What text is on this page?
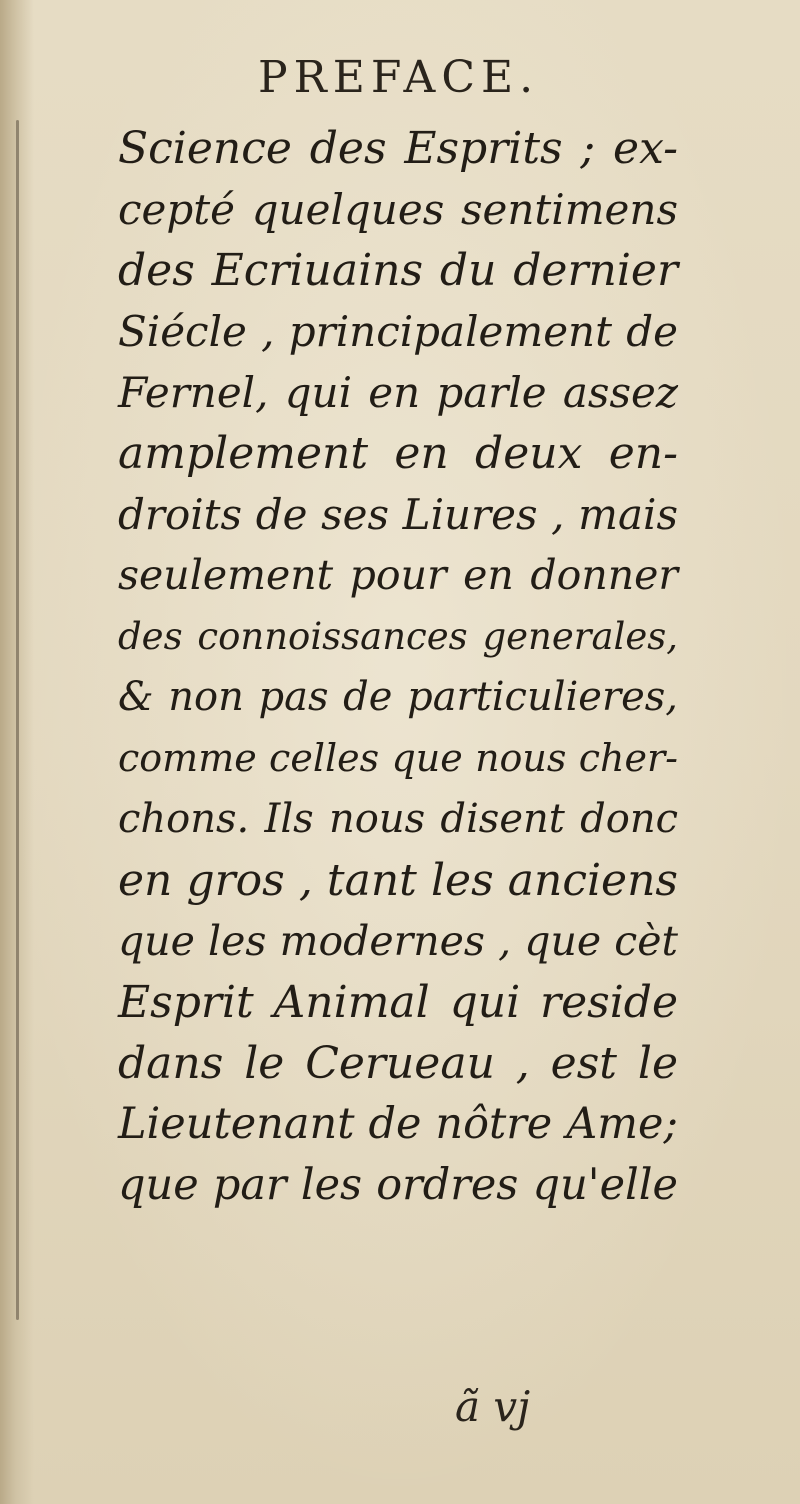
PREFACE.
Science des Esprits ; ex-
cepté quelques sentimens
des Ecriuains du dernier
Siécle , principalement de
Fernel, qui en parle assez
amplement en deux en-
droits de ses Liures , mais
seulement pour en donner
des connoissances generales,
& non pas de particulieres,
comme celles que nous cher-
chons. Ils nous disent donc
en gros , tant les anciens
que les modernes , que cèt
Esprit Animal qui reside
dans le Cerueau , est le
Lieutenant de nôtre Ame;
que par les ordres qu'elle
ã vj
